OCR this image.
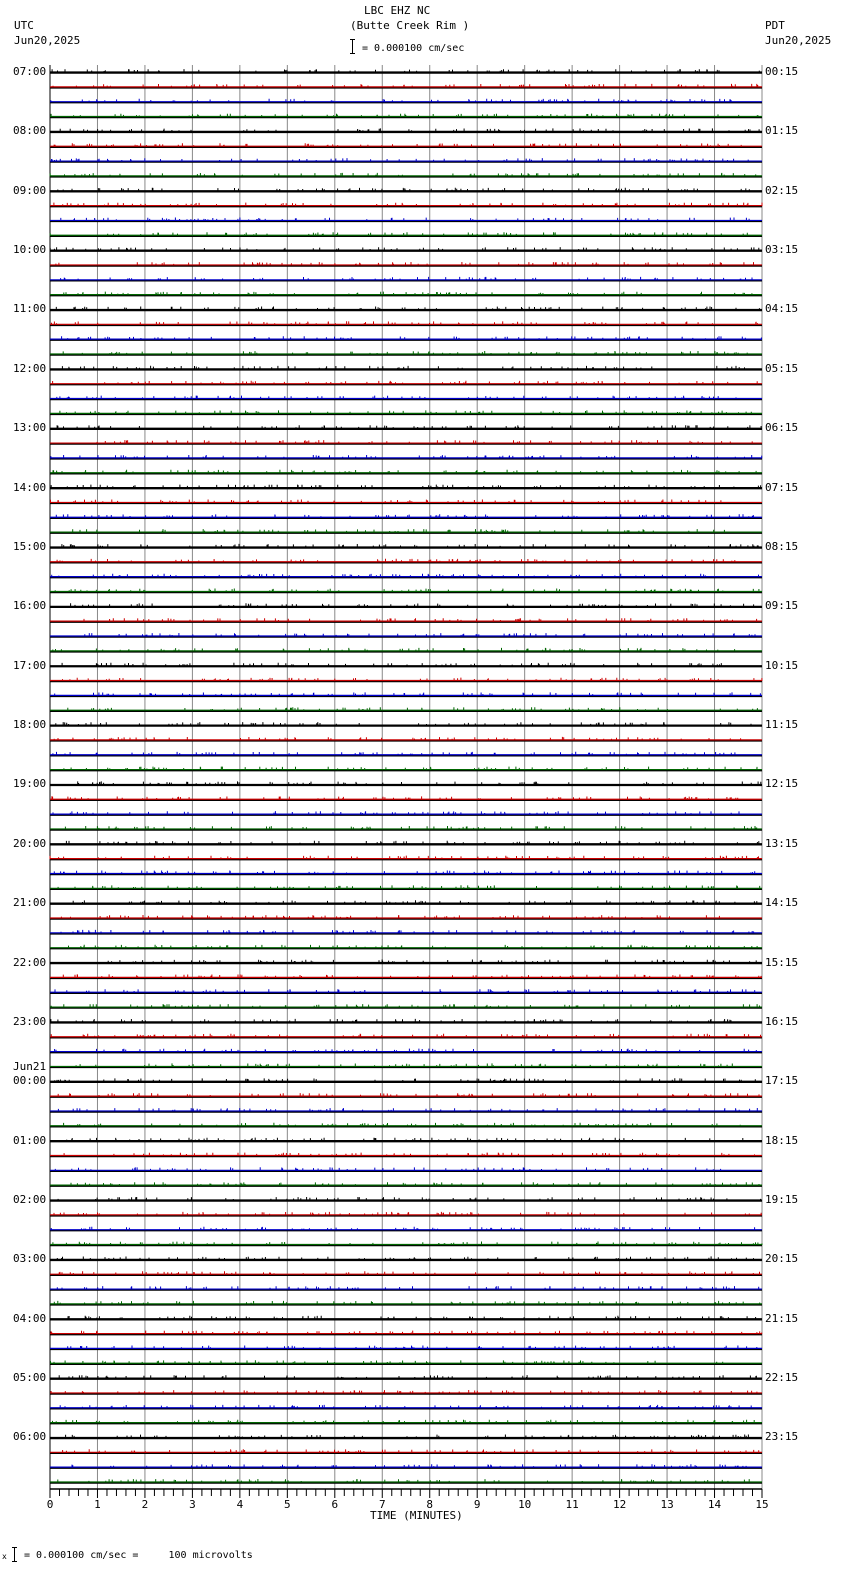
LBC EHZ NC
(Butte Creek Rim )
= 0.000100 cm/sec
UTC
Jun20,2025
PDT
Jun20,2025
0	1	2	3	4	5	6	7	8	9	10	11	12	13	14	15
07:00
08:00
09:00
10:00
11:00
12:00
13:00
14:00
15:00
16:00
17:00
18:00
19:00
20:00
21:00
22:00
23:00
00:00
01:00
02:00
03:00
04:00
05:00
06:00
00:15
01:15
02:15
03:15
04:15
05:15
06:15
07:15
08:15
09:15
10:15
11:15
12:15
13:15
14:15
15:15
16:15
17:15
18:15
19:15
20:15
21:15
22:15
23:15
Jun21
TIME (MINUTES)
x = 0.000100 cm/sec =     100 microvolts
